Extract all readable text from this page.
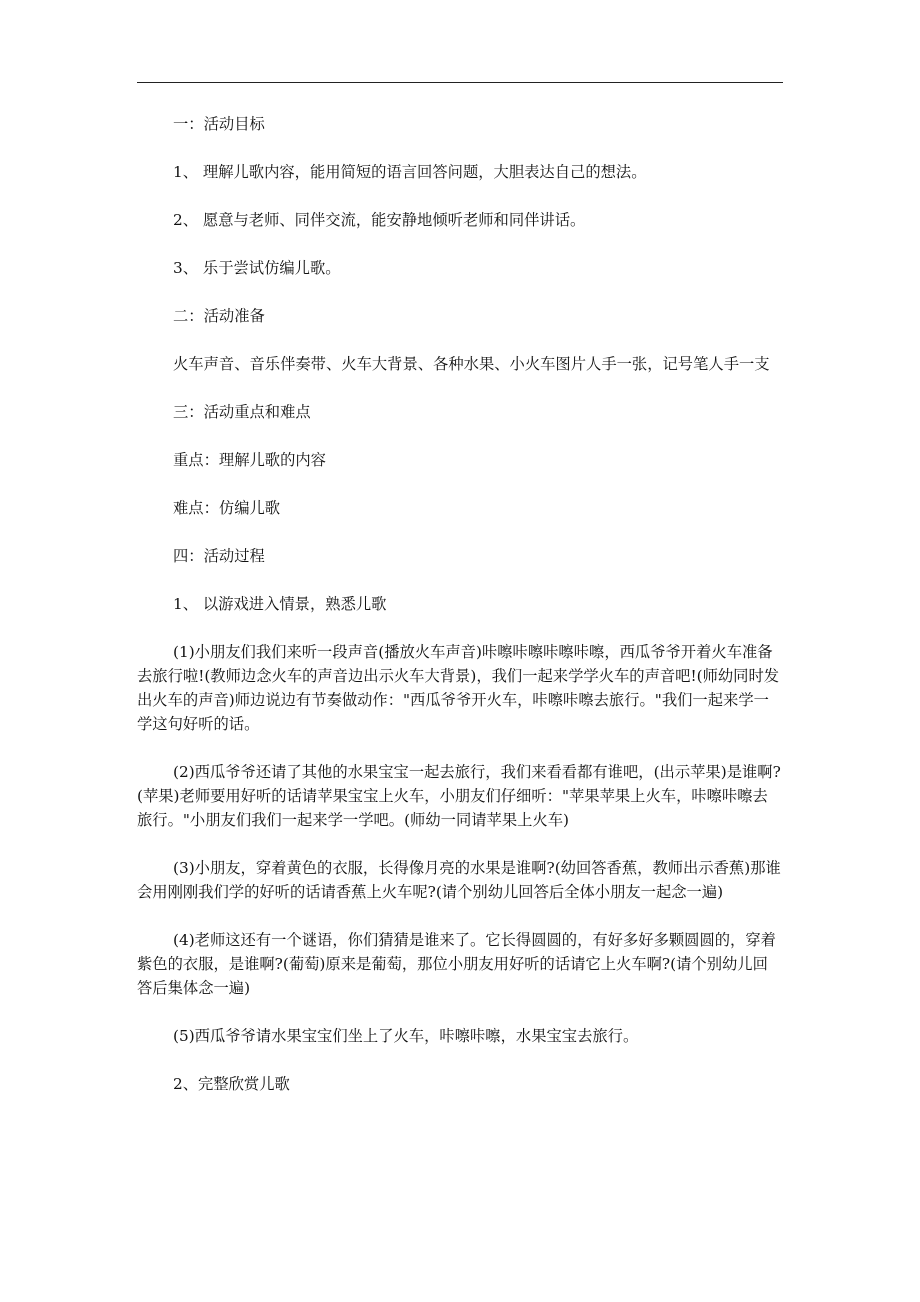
一：活动目标

1、 理解儿歌内容，能用简短的语言回答问题，大胆表达自己的想法。

2、 愿意与老师、同伴交流，能安静地倾听老师和同伴讲话。

3、 乐于尝试仿编儿歌。

二：活动准备

火车声音、音乐伴奏带、火车大背景、各种水果、小火车图片人手一张，记号笔人手一支

三：活动重点和难点

重点：理解儿歌的内容

难点：仿编儿歌

四：活动过程

1、 以游戏进入情景，熟悉儿歌

(1)小朋友们我们来听一段声音(播放火车声音)咔嚓咔嚓咔嚓咔嚓，西瓜爷爷开着火车准备去旅行啦!(教师边念火车的声音边出示火车大背景)，我们一起来学学火车的声音吧!(师幼同时发出火车的声音)师边说边有节奏做动作："西瓜爷爷开火车，咔嚓咔嚓去旅行。"我们一起来学一学这句好听的话。

(2)西瓜爷爷还请了其他的水果宝宝一起去旅行，我们来看看都有谁吧，(出示苹果)是谁啊?(苹果)老师要用好听的话请苹果宝宝上火车，小朋友们仔细听："苹果苹果上火车，咔嚓咔嚓去旅行。"小朋友们我们一起来学一学吧。(师幼一同请苹果上火车)

(3)小朋友，穿着黄色的衣服，长得像月亮的水果是谁啊?(幼回答香蕉，教师出示香蕉)那谁会用刚刚我们学的好听的话请香蕉上火车呢?(请个别幼儿回答后全体小朋友一起念一遍)

(4)老师这还有一个谜语，你们猜猜是谁来了。它长得圆圆的，有好多好多颗圆圆的，穿着紫色的衣服，是谁啊?(葡萄)原来是葡萄，那位小朋友用好听的话请它上火车啊?(请个别幼儿回答后集体念一遍)

(5)西瓜爷爷请水果宝宝们坐上了火车，咔嚓咔嚓，水果宝宝去旅行。

2、完整欣赏儿歌
